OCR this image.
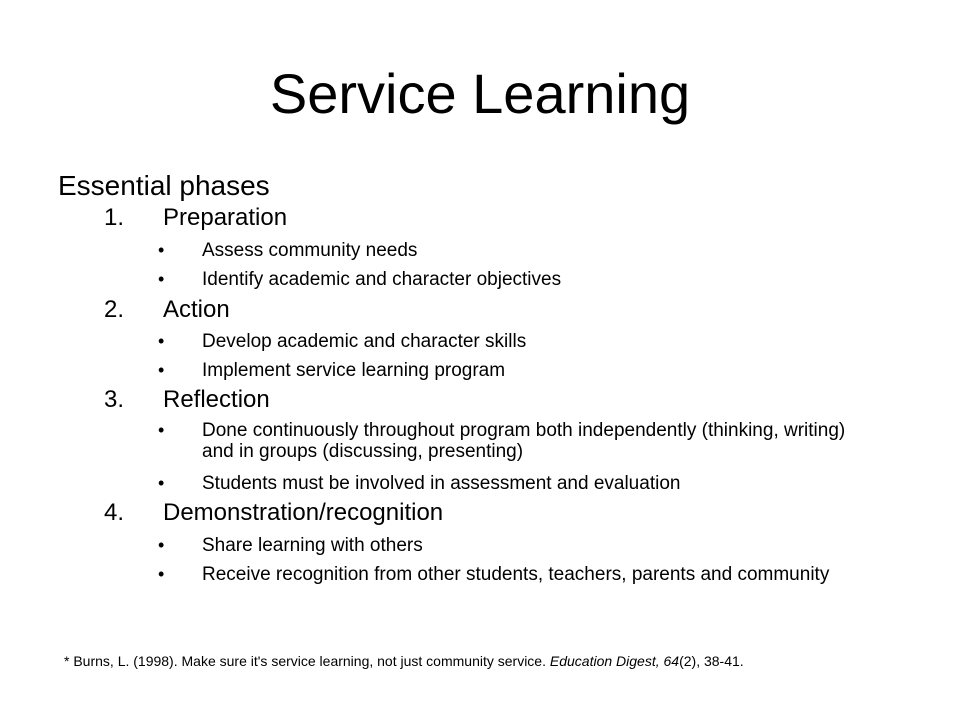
Service Learning
Essential phases
1. Preparation
• Assess community needs
• Identify academic and character objectives
2. Action
• Develop academic and character skills
• Implement service learning program
3. Reflection
• Done continuously throughout program both independently (thinking, writing) and in groups (discussing, presenting)
• Students must be involved in assessment and evaluation
4. Demonstration/recognition
• Share learning with others
• Receive recognition from other students, teachers, parents and community
* Burns, L. (1998). Make sure it's service learning, not just community service. Education Digest, 64(2), 38-41.
